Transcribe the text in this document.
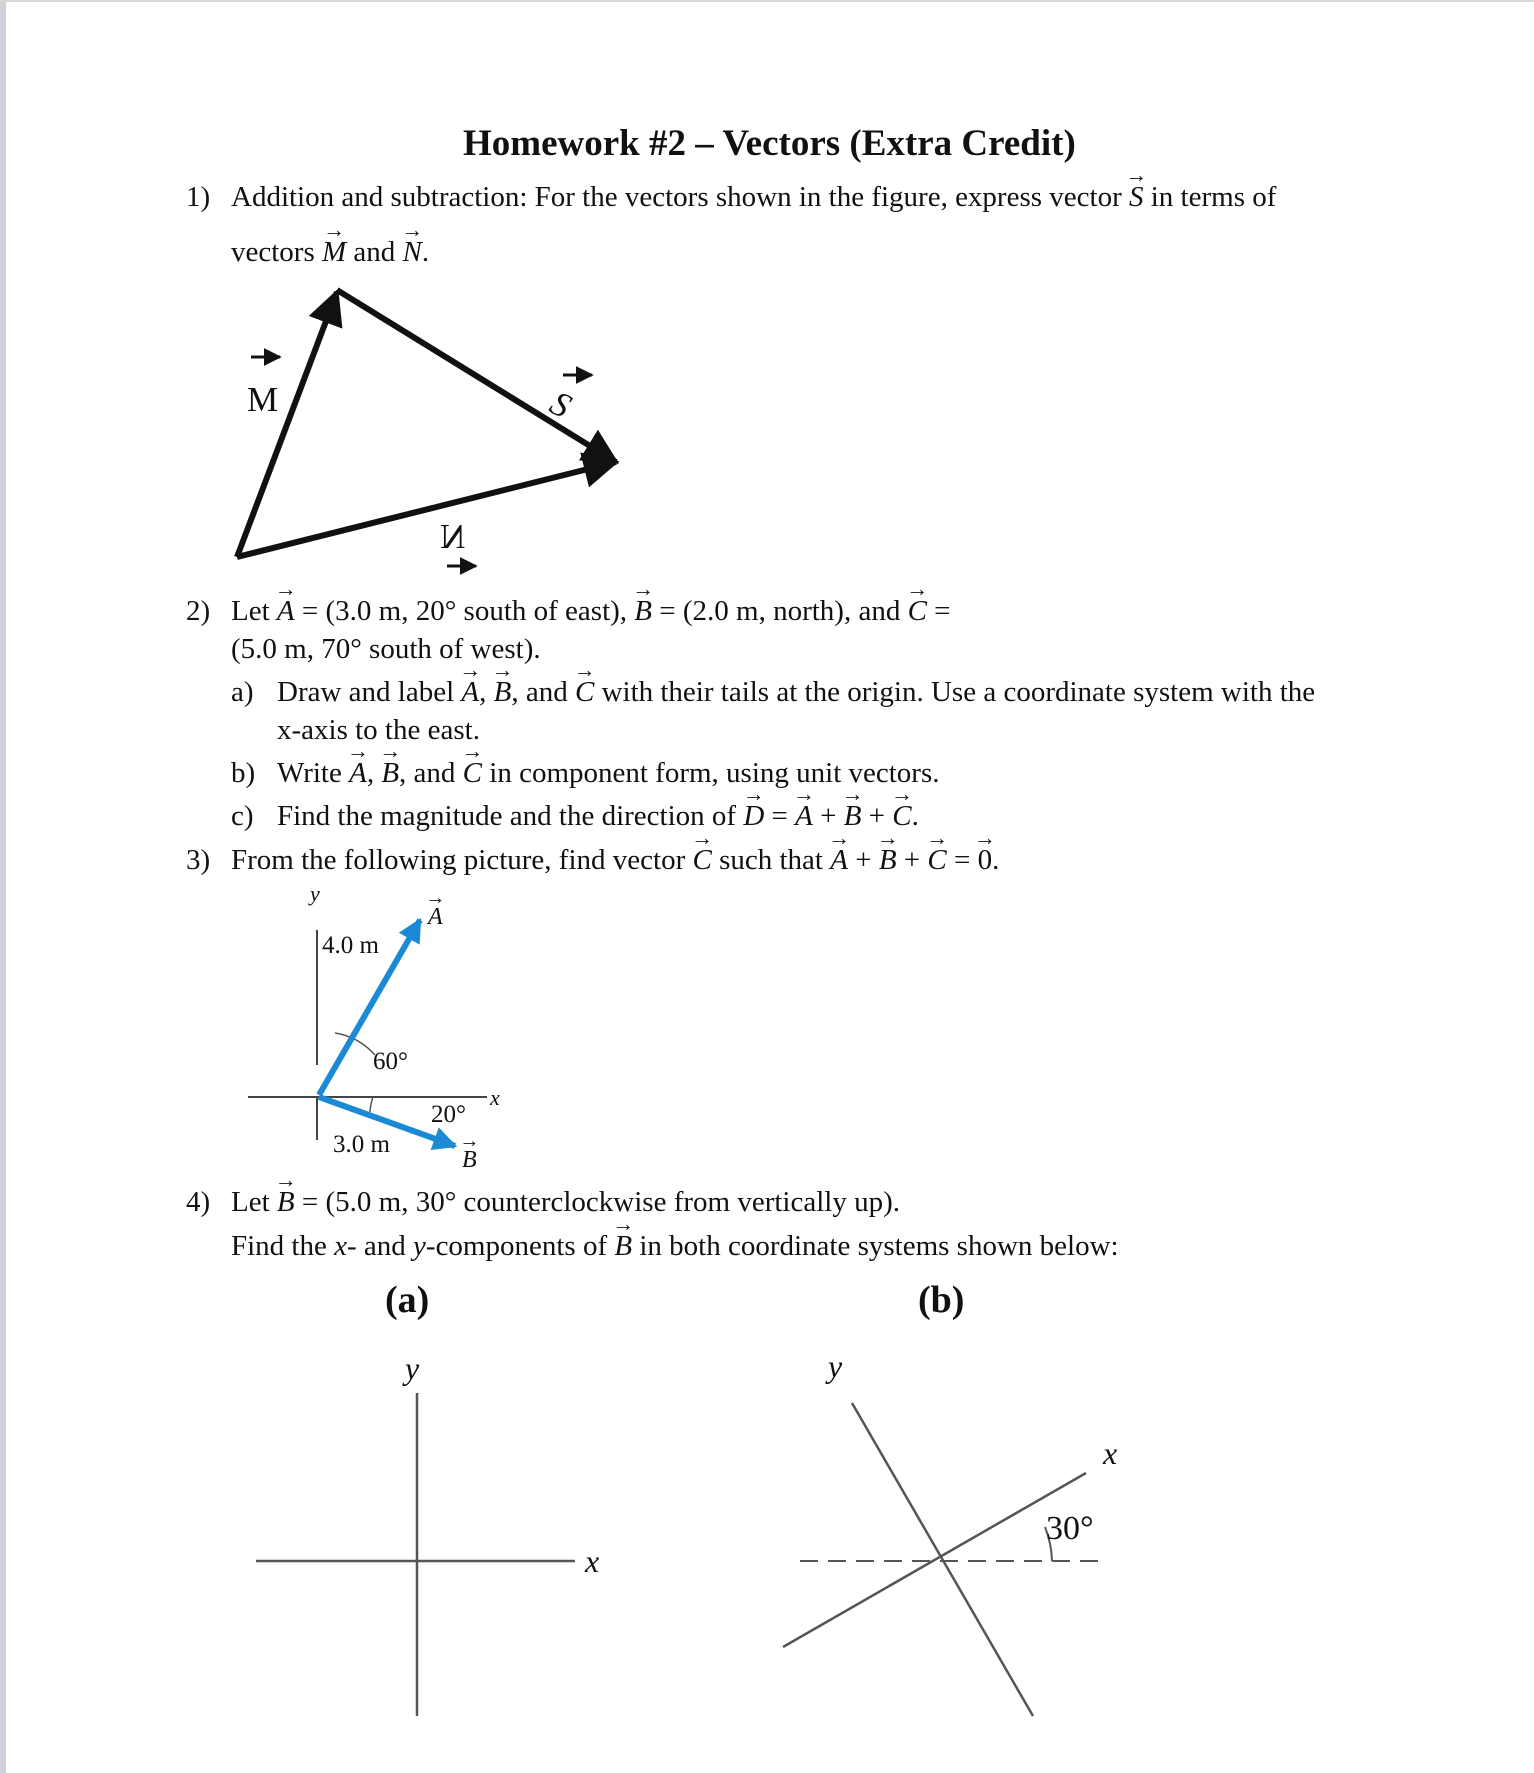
Homework #2 – Vectors (Extra Credit)
1) Addition and subtraction: For the vectors shown in the figure, express vector → S in terms of
vectors → M and → N.
M	S
N
2) Let → A = (3.0 m, 20° south of east), → B = (2.0 m, north), and → C =
(5.0 m, 70° south of west).
a) Draw and label → A, → B, and → C with their tails at the origin. Use a coordinate system with the
x-axis to the east.
b) Write → A, → B, and → C in component form, using unit vectors.
c) Find the magnitude and the direction of → D = → A + → B + → C.
3) From the following picture, find vector → C such that → A + → B + → C = → 0.
y
x
→ A
→ B
4.0 m
3.0 m
60°
20°
4) Let → B = (5.0 m, 30° counterclockwise from vertically up).
Find the x- and y-components of → B in both coordinate systems shown below:
(a)	(b)
y
x
y
x
30°
